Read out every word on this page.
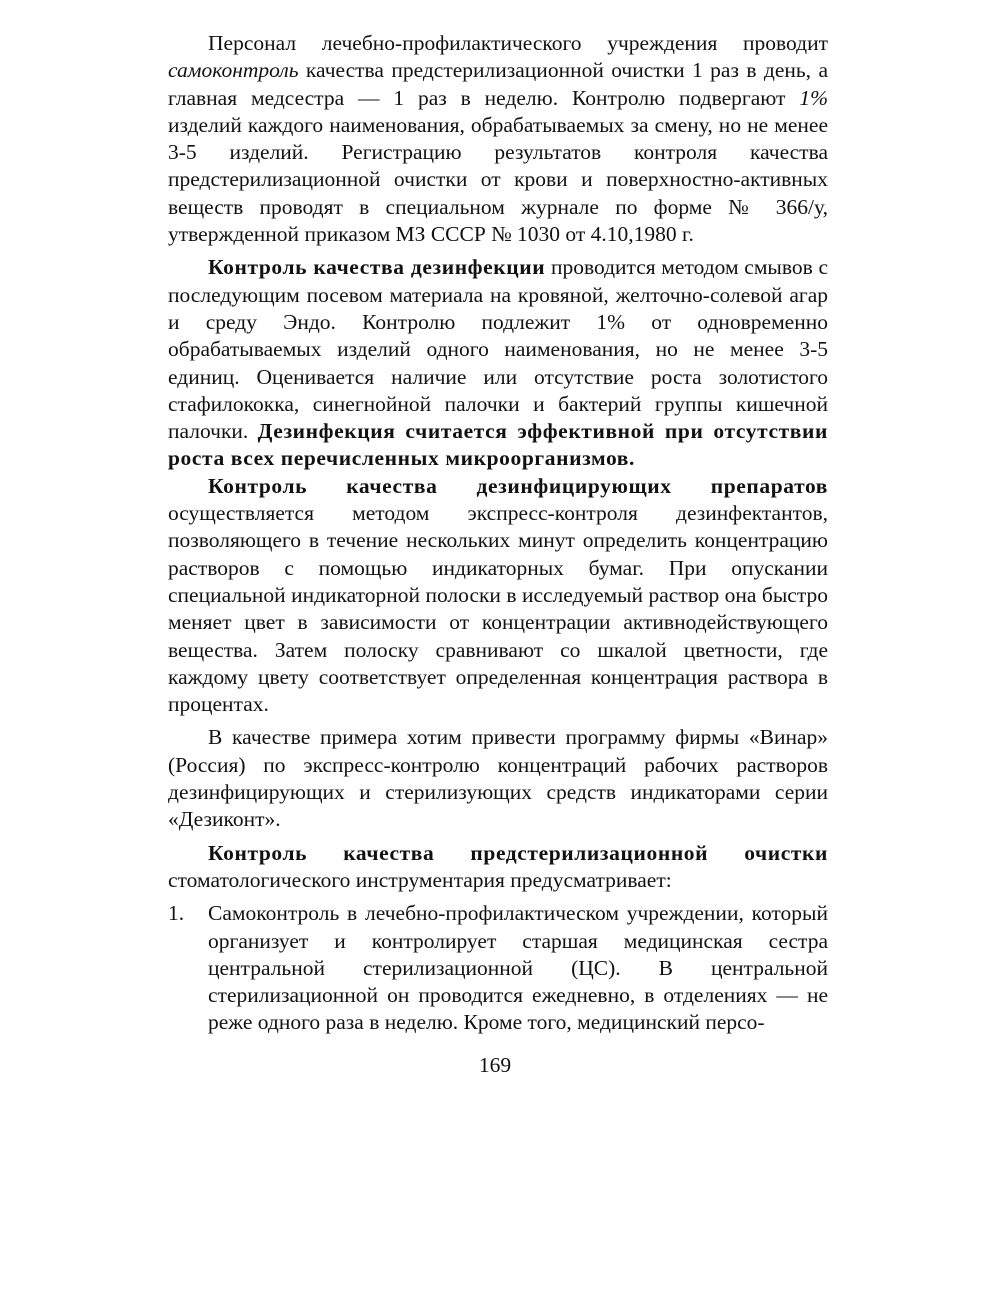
Персонал лечебно-профилактического учреждения проводит самоконтроль качества предстерилизационной очистки 1 раз в день, а главная медсестра — 1 раз в неделю. Контролю подвергают 1% изделий каждого наименования, обрабатываемых за смену, но не менее 3-5 изделий. Регистрацию результатов контроля качества предстерилизационной очистки от крови и поверхностно-активных веществ проводят в специальном журнале по форме № 366/у, утвержденной приказом МЗ СССР № 1030 от 4.10,1980 г.

Контроль качества дезинфекции проводится методом смывов с последующим посевом материала на кровяной, желточно-солевой агар и среду Эндо. Контролю подлежит 1% от одновременно обрабатываемых изделий одного наименования, но не менее 3-5 единиц. Оценивается наличие или отсутствие роста золотистого стафилококка, синегнойной палочки и бактерий группы кишечной палочки. Дезинфекция считается эффективной при отсутствии роста всех перечисленных микроорганизмов.

Контроль качества дезинфицирующих препаратов осуществляется методом экспресс-контроля дезинфектантов, позволяющего в течение нескольких минут определить концентрацию растворов с помощью индикаторных бумаг. При опускании специальной индикаторной полоски в исследуемый раствор она быстро меняет цвет в зависимости от концентрации активнодействующего вещества. Затем полоску сравнивают со шкалой цветности, где каждому цвету соответствует определенная концентрация раствора в процентах.

В качестве примера хотим привести программу фирмы «Винар» (Россия) по экспресс-контролю концентраций рабочих растворов дезинфицирующих и стерилизующих средств индикаторами серии «Дезиконт».

Контроль качества предстерилизационной очистки стоматологического инструментария предусматривает:

1.	Самоконтроль в лечебно-профилактическом учреждении, который организует и контролирует старшая медицинская сестра центральной стерилизационной (ЦС). В центральной стерилизационной он проводится ежедневно, в отделениях — не реже одного раза в неделю. Кроме того, медицинский персо-
169
